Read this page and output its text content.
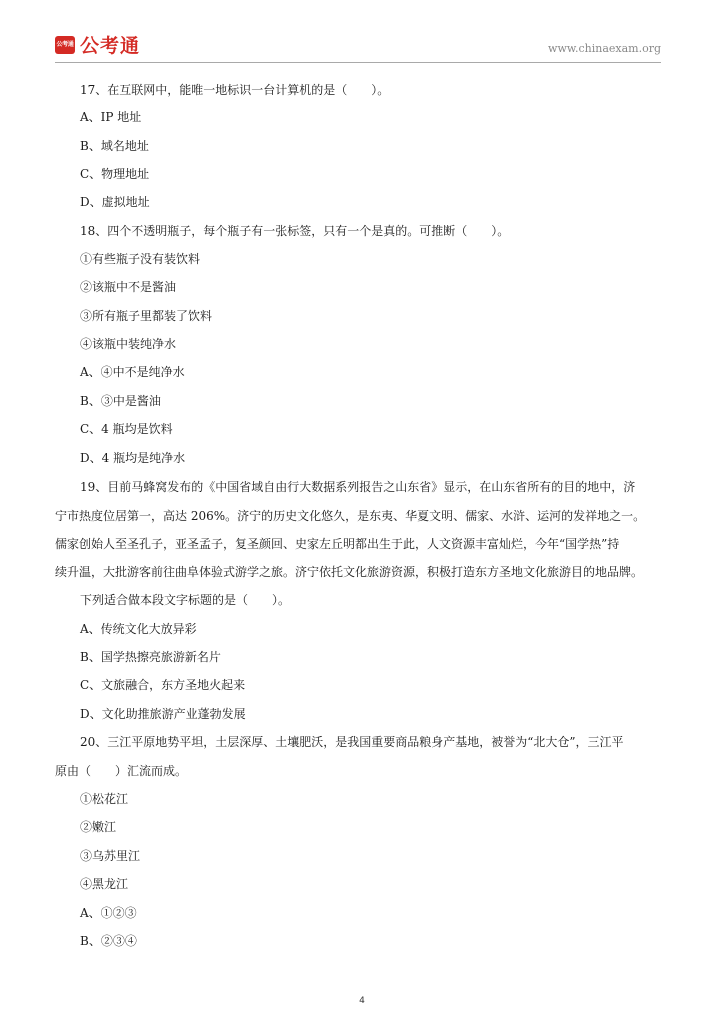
公考通 公考通	www.chinaexam.org
17、在互联网中，能唯一地标识一台计算机的是（　　）。
A、IP 地址
B、域名地址
C、物理地址
D、虚拟地址
18、四个不透明瓶子，每个瓶子有一张标签，只有一个是真的。可推断（　　）。
①有些瓶子没有装饮料
②该瓶中不是酱油
③所有瓶子里都装了饮料
④该瓶中装纯净水
A、④中不是纯净水
B、③中是酱油
C、4 瓶均是饮料
D、4 瓶均是纯净水
19、目前马蜂窝发布的《中国省域自由行大数据系列报告之山东省》显示，在山东省所有的目的地中，济
宁市热度位居第一，高达 206%。济宁的历史文化悠久，是东夷、华夏文明、儒家、水浒、运河的发祥地之一。
儒家创始人至圣孔子，亚圣孟子，复圣颜回、史家左丘明都出生于此，人文资源丰富灿烂，今年“国学热”持
续升温，大批游客前往曲阜体验式游学之旅。济宁依托文化旅游资源，积极打造东方圣地文化旅游目的地品牌。
下列适合做本段文字标题的是（　　）。
A、传统文化大放异彩
B、国学热擦亮旅游新名片
C、文旅融合，东方圣地火起来
D、文化助推旅游产业蓬勃发展
20、三江平原地势平坦，土层深厚、土壤肥沃，是我国重要商品粮身产基地，被誉为“北大仓”，三江平
原由（　　）汇流而成。
①松花江
②嫩江
③乌苏里江
④黑龙江
A、①②③
B、②③④
4
